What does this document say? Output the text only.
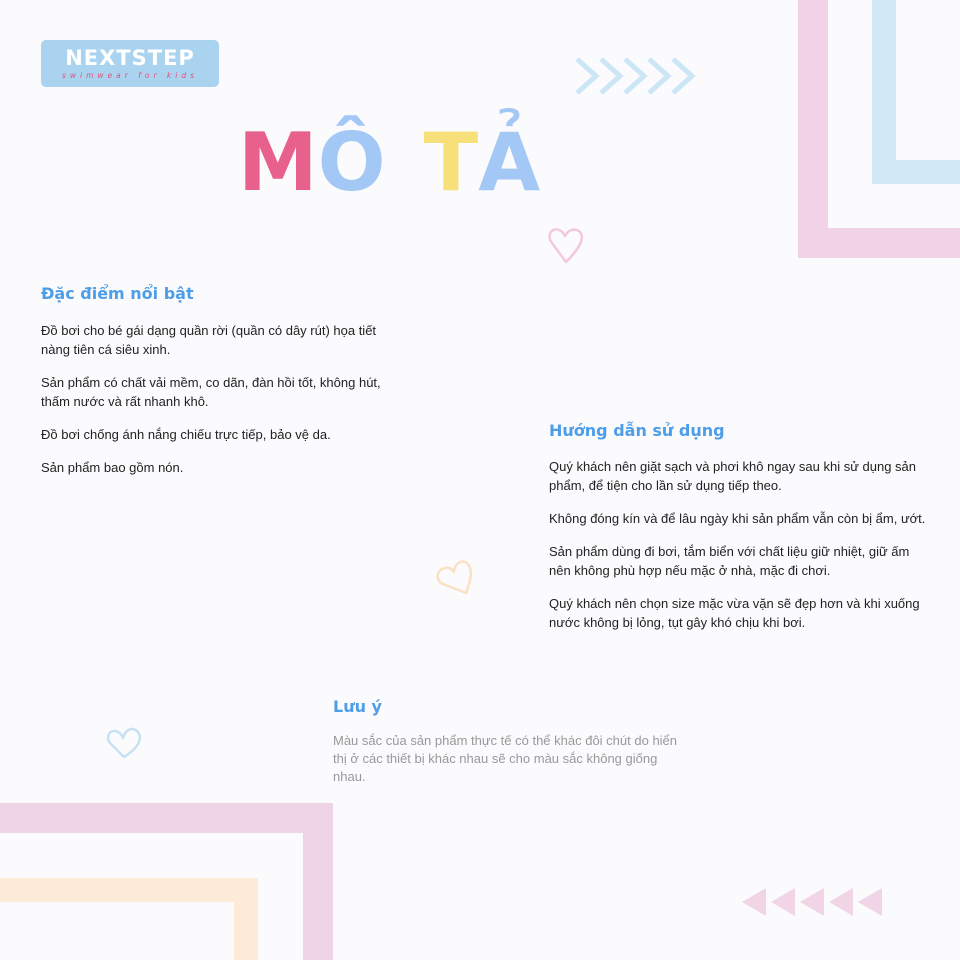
NEXTSTEP
swimwear for kids
MÔ TẢ
Đặc điểm nổi bật

Đồ bơi cho bé gái dạng quần rời (quần có dây rút) họa tiết nàng tiên cá siêu xinh.

Sản phẩm có chất vải mềm, co dãn, đàn hồi tốt, không hút, thấm nước và rất nhanh khô.

Đồ bơi chống ánh nắng chiếu trực tiếp, bảo vệ da.

Sản phẩm bao gồm nón.

Hướng dẫn sử dụng

Quý khách nên giặt sạch và phơi khô ngay sau khi sử dụng sản phẩm, để tiện cho lần sử dụng tiếp theo.

Không đóng kín và để lâu ngày khi sản phẩm vẫn còn bị ẩm, ướt.

Sản phẩm dùng đi bơi, tắm biển với chất liệu giữ nhiệt, giữ ấm nên không phù hợp nếu mặc ở nhà, mặc đi chơi.

Quý khách nên chọn size mặc vừa vặn sẽ đẹp hơn và khi xuống nước không bị lỏng, tụt gây khó chịu khi bơi.

Lưu ý
Màu sắc của sản phẩm thực tế có thể khác đôi chút do hiển thị ở các thiết bị khác nhau sẽ cho màu sắc không giống nhau.
